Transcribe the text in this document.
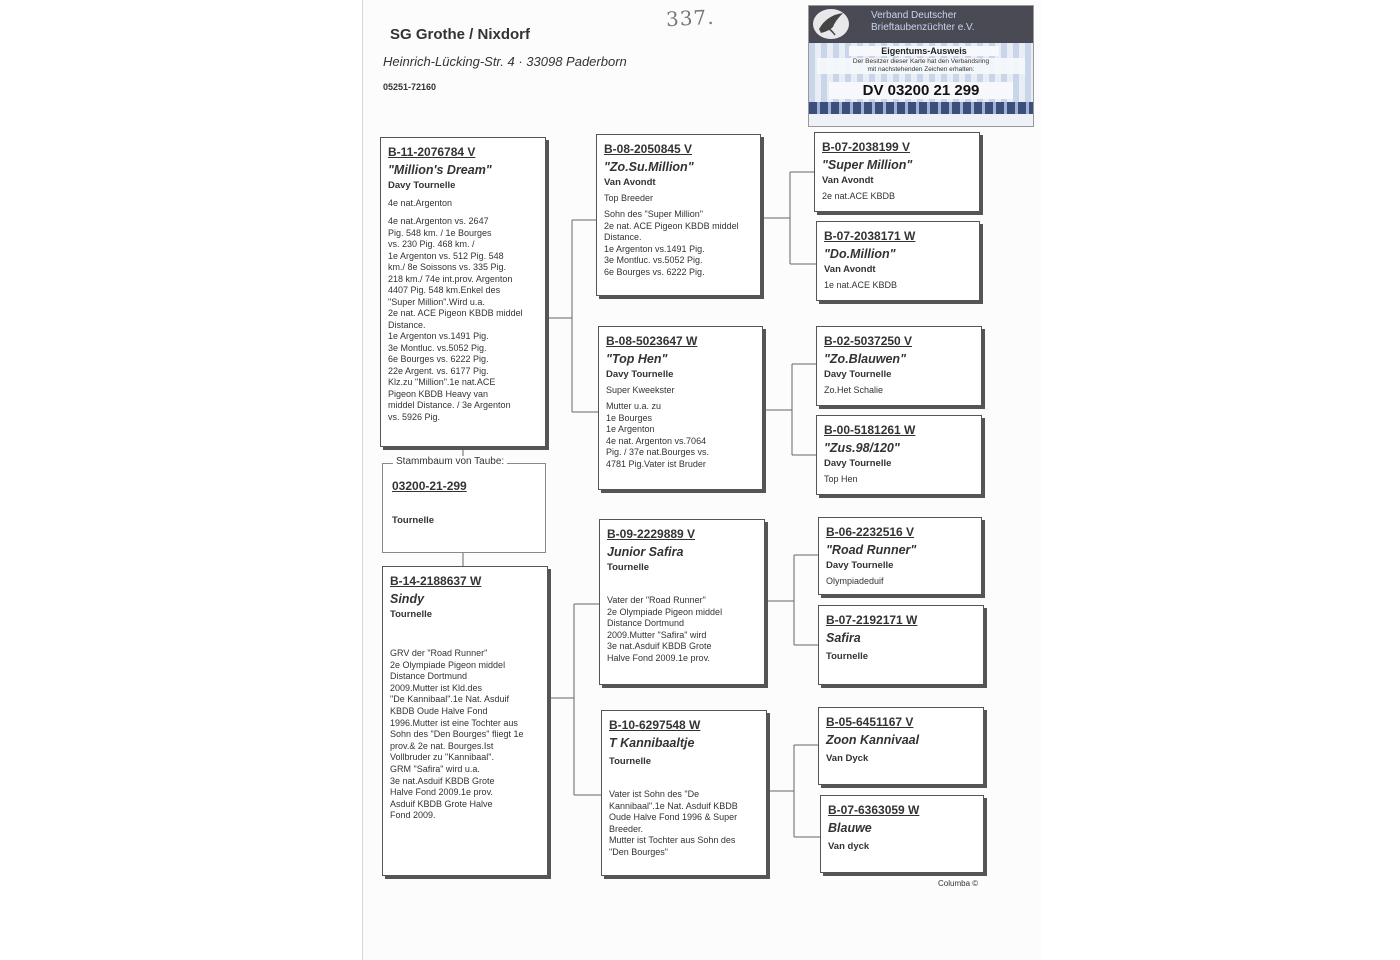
337.
SG Grothe / Nixdorf
Heinrich-Lücking-Str. 4 · 33098 Paderborn
05251-72160
Verband Deutscher
Brieftaubenzüchter e.V.
Eigentums-Ausweis
Der Besitzer dieser Karte hat den Verbandsring
mit nachstehenden Zeichen erhalten:
DV 03200 21 299
B-11-2076784 V
"Million's Dream"
Davy Tournelle
4e nat.Argenton
4e nat.Argenton vs. 2647
Pig. 548 km. / 1e Bourges
vs. 230 Pig. 468 km. /
1e Argenton vs. 512 Pig. 548
km./ 8e Soissons vs. 335 Pig.
218 km./ 74e int.prov. Argenton
4407 Pig. 548 km.Enkel des
"Super Million".Wird u.a.
2e nat. ACE Pigeon KBDB middel
Distance.
1e Argenton vs.1491 Pig.
3e Montluc. vs.5052 Pig.
6e Bourges vs. 6222 Pig.
22e Argent. vs. 6177 Pig.
Klz.zu "Million".1e nat.ACE
Pigeon KBDB Heavy van
middel Distance. / 3e Argenton
vs. 5926 Pig.
Stammbaum von Taube:
03200-21-299
Tournelle
B-14-2188637 W
Sindy
Tournelle
GRV der "Road Runner"
2e Olympiade Pigeon middel
Distance Dortmund
2009.Mutter ist Kld.des
"De Kannibaal".1e Nat. Asduif
KBDB Oude Halve Fond
1996.Mutter ist eine Tochter aus
Sohn des "Den Bourges" fliegt 1e
prov.& 2e nat. Bourges.Ist
Vollbruder zu "Kannibaal".
GRM "Safira" wird u.a.
3e nat.Asduif KBDB Grote
Halve Fond 2009.1e prov.
Asduif KBDB Grote Halve
Fond 2009.
B-08-2050845 V
"Zo.Su.Million"
Van Avondt
Top Breeder
Sohn des "Super Million"
2e nat. ACE Pigeon KBDB middel
Distance.
1e Argenton vs.1491 Pig.
3e Montluc. vs.5052 Pig.
6e Bourges vs. 6222 Pig.
B-08-5023647 W
"Top Hen"
Davy Tournelle
Super Kweekster
Mutter u.a. zu
1e Bourges
1e Argenton
4e nat. Argenton vs.7064
Pig. / 37e nat.Bourges vs.
4781 Pig.Vater ist Bruder
B-09-2229889 V
Junior Safira
Tournelle
Vater der "Road Runner"
2e Olympiade Pigeon middel
Distance Dortmund
2009.Mutter "Safira" wird
3e nat.Asduif KBDB Grote
Halve Fond 2009.1e prov.
B-10-6297548 W
T Kannibaaltje
Tournelle
Vater ist Sohn des "De
Kannibaal".1e Nat. Asduif KBDB
Oude Halve Fond 1996 & Super
Breeder.
Mutter ist Tochter aus Sohn des
"Den Bourges"
B-07-2038199 V
"Super Million"
Van Avondt
2e nat.ACE KBDB
B-07-2038171 W
"Do.Million"
Van Avondt
1e nat.ACE KBDB
B-02-5037250 V
"Zo.Blauwen"
Davy Tournelle
Zo.Het Schalie
B-00-5181261 W
"Zus.98/120"
Davy Tournelle
Top Hen
B-06-2232516 V
"Road Runner"
Davy Tournelle
Olympiadeduif
B-07-2192171 W
Safira
Tournelle
B-05-6451167 V
Zoon Kannivaal
Van Dyck
B-07-6363059 W
Blauwe
Van dyck
Columba ©
